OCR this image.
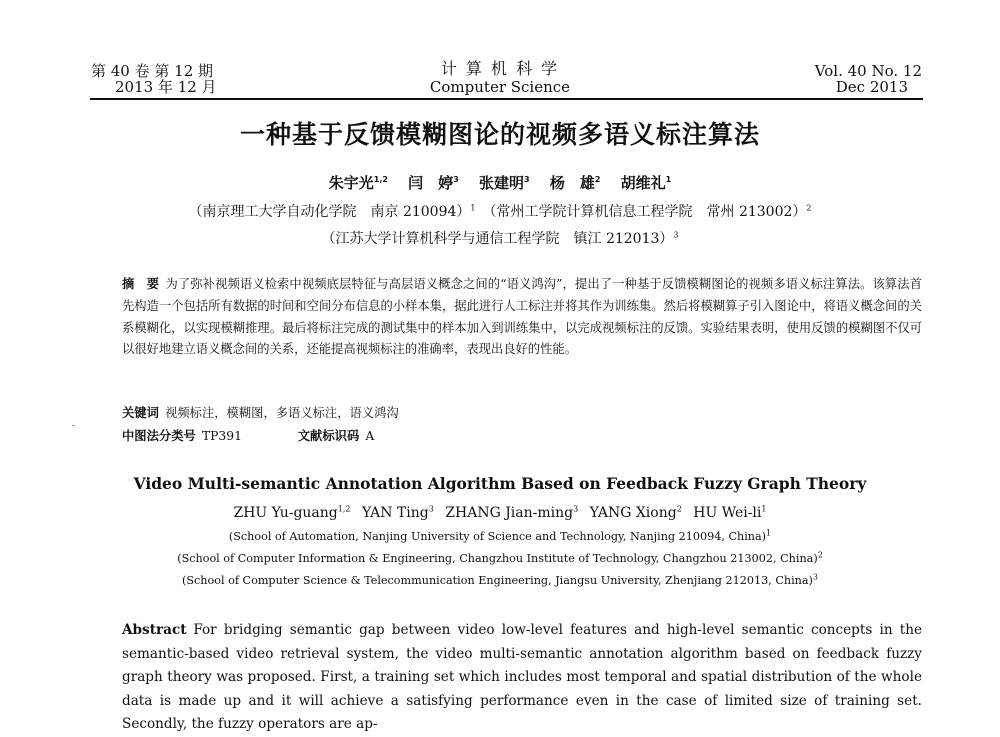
第 40 卷 第 12 期
2013 年 12 月
计 算 机 科 学
Computer Science
Vol. 40 No. 12
Dec 2013
一种基于反馈模糊图论的视频多语义标注算法
朱宇光$^{1,2}$  闫　婷$^3$  张建明$^3$  杨　雄$^2$  胡维礼$^1$
（南京理工大学自动化学院　南京 210094）$^1$  （常州工学院计算机信息工程学院　常州 213002）$^2$
（江苏大学计算机科学与通信工程学院　镇江 212013）$^3$
摘　要  为了弥补视频语义检索中视频底层特征与高层语义概念之间的“语义鸿沟”，提出了一种基于反馈模糊图论的视频多语义标注算法。该算法首先构造一个包括所有数据的时间和空间分布信息的小样本集，据此进行人工标注并将其作为训练集。然后将模糊算子引入图论中，将语义概念间的关系模糊化，以实现模糊推理。最后将标注完成的测试集中的样本加入到训练集中，以完成视频标注的反馈。实验结果表明，使用反馈的模糊图不仅可以很好地建立语义概念间的关系，还能提高视频标注的准确率，表现出良好的性能。
关键词  视频标注，模糊图，多语义标注，语义鸿沟
中图法分类号  TP391	文献标识码  A
Video Multi-semantic Annotation Algorithm Based on Feedback Fuzzy Graph Theory
ZHU Yu-guang$^{1,2}$  YAN Ting$^3$  ZHANG Jian-ming$^3$  YANG Xiong$^2$  HU Wei-$li^1$
(School of Automation, Nanjing University of Science and Technology, Nanjing 210094, China)$^1$
(School of Computer Information & Engineering, Changzhou Institute of Technology, Changzhou 213002, China)$^2$
(School of Computer Science & Telecommunication Engineering, Jiangsu University, Zhenjiang 212013, China)$^3$
Abstract  For bridging semantic gap between video low-level features and high-level semantic concepts in the semantic-based video retrieval system, the video multi-semantic annotation algorithm based on feedback fuzzy graph theory was proposed. First, a training set which includes most temporal and spatial distribution of the whole data is made up and it will achieve a satisfying performance even in the case of limited size of training set. Secondly, the fuzzy operators are ap-
